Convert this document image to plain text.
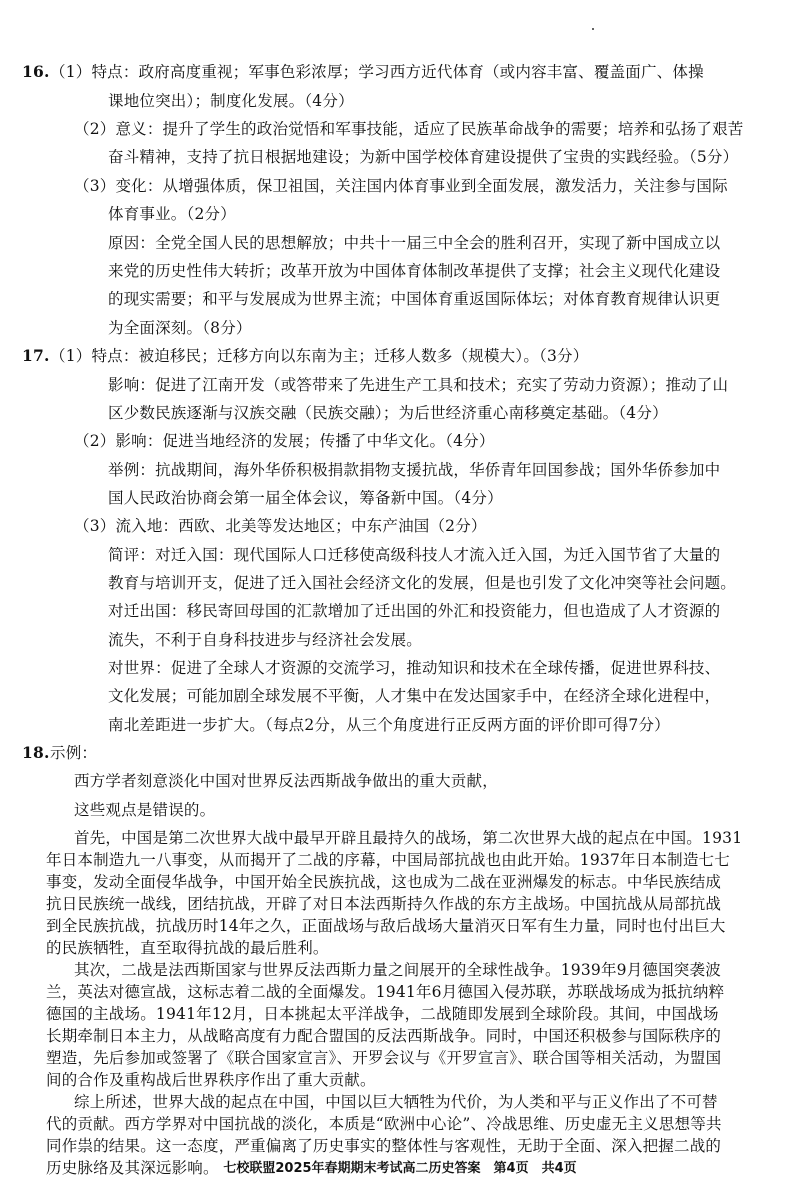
16. （1）特点：政府高度重视；军事色彩浓厚；学习西方近代体育（或内容丰富、覆盖面广、体操
课地位突出）；制度化发展。（4分）
（2）意义：提升了学生的政治觉悟和军事技能，适应了民族革命战争的需要；培养和弘扬了艰苦
奋斗精神，支持了抗日根据地建设；为新中国学校体育建设提供了宝贵的实践经验。（5分）
（3）变化：从增强体质，保卫祖国，关注国内体育事业到全面发展，激发活力，关注参与国际
体育事业。（2分）
原因：全党全国人民的思想解放；中共十一届三中全会的胜利召开，实现了新中国成立以
来党的历史性伟大转折；改革开放为中国体育体制改革提供了支撑；社会主义现代化建设
的现实需要；和平与发展成为世界主流；中国体育重返国际体坛；对体育教育规律认识更
为全面深刻。（8分）
17. （1）特点：被迫移民；迁移方向以东南为主；迁移人数多（规模大）。（3分）
影响：促进了江南开发（或答带来了先进生产工具和技术；充实了劳动力资源）；推动了山
区少数民族逐渐与汉族交融（民族交融）；为后世经济重心南移奠定基础。（4分）
（2）影响：促进当地经济的发展；传播了中华文化。（4分）
举例：抗战期间，海外华侨积极捐款捐物支援抗战，华侨青年回国参战；国外华侨参加中
国人民政治协商会第一届全体会议，筹备新中国。（4分）
（3）流入地：西欧、北美等发达地区；中东产油国（2分）
简评：对迁入国：现代国际人口迁移使高级科技人才流入迁入国，为迁入国节省了大量的
教育与培训开支，促进了迁入国社会经济文化的发展，但是也引发了文化冲突等社会问题。
对迁出国：移民寄回母国的汇款增加了迁出国的外汇和投资能力，但也造成了人才资源的
流失，不利于自身科技进步与经济社会发展。
对世界：促进了全球人才资源的交流学习，推动知识和技术在全球传播，促进世界科技、
文化发展；可能加剧全球发展不平衡，人才集中在发达国家手中，在经济全球化进程中，
南北差距进一步扩大。（每点2分，从三个角度进行正反两方面的评价即可得7分）
18. 示例：
西方学者刻意淡化中国对世界反法西斯战争做出的重大贡献，
这些观点是错误的。
首先，中国是第二次世界大战中最早开辟且最持久的战场，第二次世界大战的起点在中国。1931
年日本制造九一八事变，从而揭开了二战的序幕，中国局部抗战也由此开始。1937年日本制造七七
事变，发动全面侵华战争，中国开始全民族抗战，这也成为二战在亚洲爆发的标志。中华民族结成
抗日民族统一战线，团结抗战，开辟了对日本法西斯持久作战的东方主战场。中国抗战从局部抗战
到全民族抗战，抗战历时14年之久，正面战场与敌后战场大量消灭日军有生力量，同时也付出巨大
的民族牺牲，直至取得抗战的最后胜利。
其次，二战是法西斯国家与世界反法西斯力量之间展开的全球性战争。1939年9月德国突袭波
兰，英法对德宣战，这标志着二战的全面爆发。1941年6月德国入侵苏联，苏联战场成为抵抗纳粹
德国的主战场。1941年12月，日本挑起太平洋战争，二战随即发展到全球阶段。其间，中国战场
长期牵制日本主力，从战略高度有力配合盟国的反法西斯战争。同时，中国还积极参与国际秩序的
塑造，先后参加或签署了《联合国家宣言》、开罗会议与《开罗宣言》、联合国等相关活动，为盟国
七校联盟2025年春期期末考试高二历史答案　第4页　共4页
间的合作及重构战后世界秩序作出了重大贡献。
综上所述，世界大战的起点在中国，中国以巨大牺牲为代价，为人类和平与正义作出了不可替
代的贡献。西方学界对中国抗战的淡化，本质是“欧洲中心论”、冷战思维、历史虚无主义思想等共
同作祟的结果。这一态度，严重偏离了历史事实的整体性与客观性，无助于全面、深入把握二战的
历史脉络及其深远影响。
